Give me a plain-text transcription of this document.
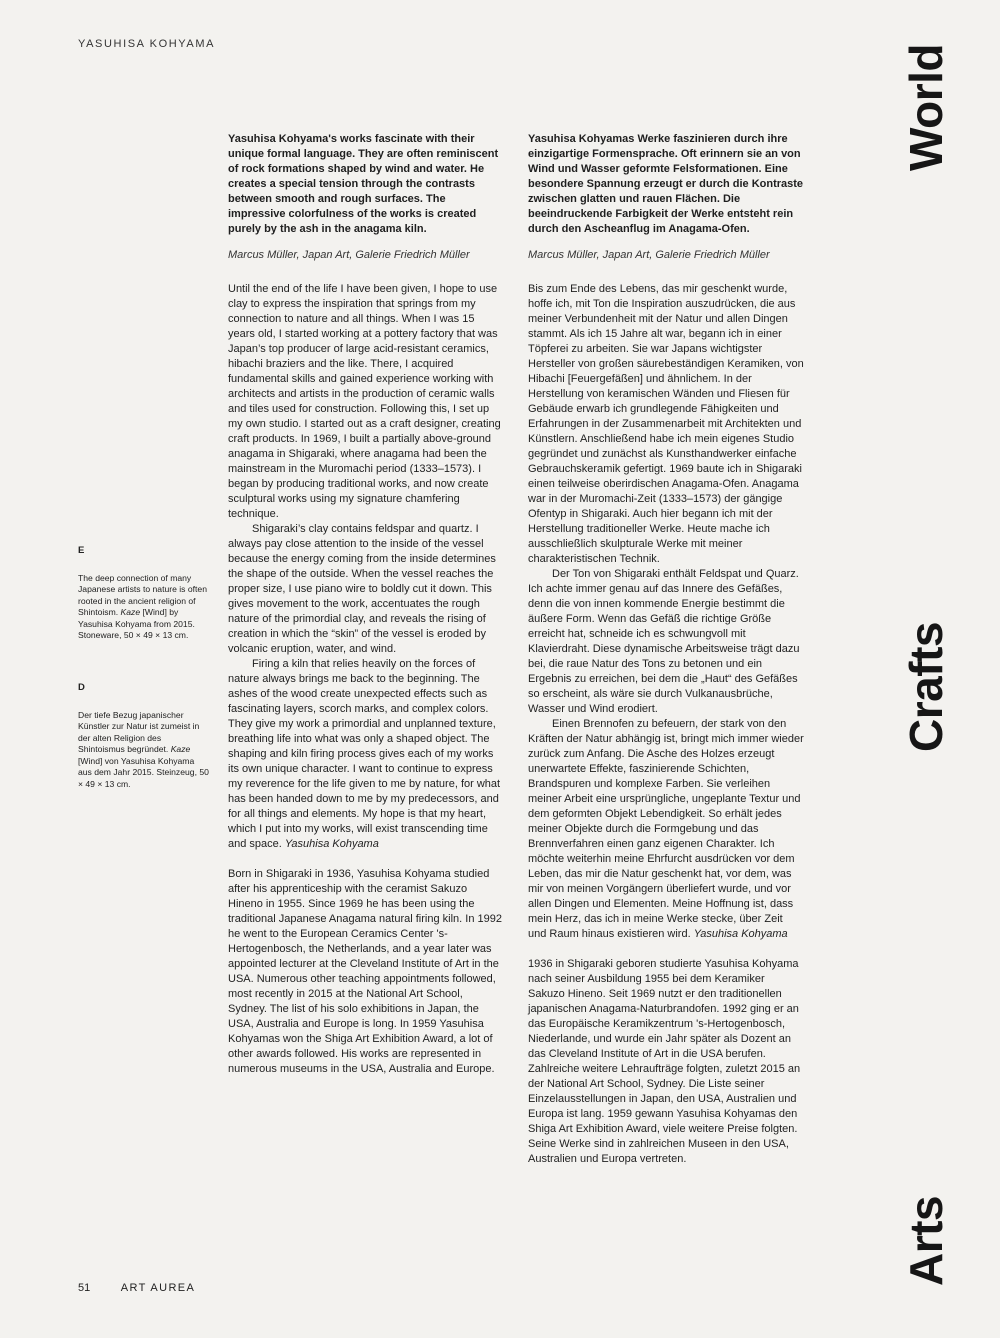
YASUHISA KOHYAMA
E
The deep connection of many Japanese artists to nature is often rooted in the ancient religion of Shintoism. Kaze [Wind] by Yasuhisa Kohyama from 2015. Stoneware, 50 × 49 × 13 cm.
D
Der tiefe Bezug japanischer Künstler zur Natur ist zumeist in der alten Religion des Shintoismus begründet. Kaze [Wind] von Yasuhisa Kohyama aus dem Jahr 2015. Steinzeug, 50 × 49 × 13 cm.

Yasuhisa Kohyama's works fascinate with their unique formal language. They are often reminiscent of rock formations shaped by wind and water. He creates a special tension through the contrasts between smooth and rough surfaces. The impressive colorfulness of the works is created purely by the ash in the anagama kiln.

Marcus Müller, Japan Art, Galerie Friedrich Müller

Until the end of the life I have been given, I hope to use clay to express the inspiration that springs from my connection to nature and all things. When I was 15 years old, I started working at a pottery factory that was Japan’s top producer of large acid-resistant ceramics, hibachi braziers and the like. There, I acquired fundamental skills and gained experience working with architects and artists in the production of ceramic walls and tiles used for construction. Following this, I set up my own studio. I started out as a craft designer, creating craft products. In 1969, I built a partially above-ground anagama in Shigaraki, where anagama had been the mainstream in the Muromachi period (1333–1573). I began by producing traditional works, and now create sculptural works using my signature chamfering technique.

Shigaraki’s clay contains feldspar and quartz. I always pay close attention to the inside of the vessel because the energy coming from the inside determines the shape of the outside. When the vessel reaches the proper size, I use piano wire to boldly cut it down. This gives movement to the work, accentuates the rough nature of the primordial clay, and reveals the rising of creation in which the “skin” of the vessel is eroded by volcanic eruption, water, and wind.

Firing a kiln that relies heavily on the forces of nature always brings me back to the beginning. The ashes of the wood create unexpected effects such as fascinating layers, scorch marks, and complex colors. They give my work a primordial and unplanned texture, breathing life into what was only a shaped object. The shaping and kiln firing process gives each of my works its own unique character. I want to continue to express my reverence for the life given to me by nature, for what has been handed down to me by my predecessors, and for all things and elements. My hope is that my heart, which I put into my works, will exist transcending time and space. Yasuhisa Kohyama

Born in Shigaraki in 1936, Yasuhisa Kohyama studied after his apprenticeship with the ceramist Sakuzo Hineno in 1955. Since 1969 he has been using the traditional Japanese Anagama natural firing kiln. In 1992 he went to the European Ceramics Center 's-Hertogenbosch, the Netherlands, and a year later was appointed lecturer at the Cleveland Institute of Art in the USA. Numerous other teaching appointments followed, most recently in 2015 at the National Art School, Sydney. The list of his solo exhibitions in Japan, the USA, Australia and Europe is long. In 1959 Yasuhisa Kohyamas won the Shiga Art Exhibition Award, a lot of other awards followed. His works are represented in numerous museums in the USA, Australia and Europe.

Yasuhisa Kohyamas Werke faszinieren durch ihre einzigartige Formensprache. Oft erinnern sie an von Wind und Wasser geformte Felsformationen. Eine besondere Spannung erzeugt er durch die Kontraste zwischen glatten und rauen Flächen. Die beeindruckende Farbigkeit der Werke entsteht rein durch den Ascheanflug im Anagama-Ofen.

Marcus Müller, Japan Art, Galerie Friedrich Müller

Bis zum Ende des Lebens, das mir geschenkt wurde, hoffe ich, mit Ton die Inspiration auszudrücken, die aus meiner Verbundenheit mit der Natur und allen Dingen stammt. Als ich 15 Jahre alt war, begann ich in einer Töpferei zu arbeiten. Sie war Japans wichtigster Hersteller von großen säurebeständigen Keramiken, von Hibachi [Feuergefäßen] und ähnlichem. In der Herstellung von keramischen Wänden und Fliesen für Gebäude erwarb ich grundlegende Fähigkeiten und Erfahrungen in der Zusammenarbeit mit Architekten und Künstlern. Anschließend habe ich mein eigenes Studio gegründet und zunächst als Kunsthandwerker einfache Gebrauchskeramik gefertigt. 1969 baute ich in Shigaraki einen teilweise oberirdischen Anagama-Ofen. Anagama war in der Muromachi-Zeit (1333–1573) der gängige Ofentyp in Shigaraki. Auch hier begann ich mit der Herstellung traditioneller Werke. Heute mache ich ausschließlich skulpturale Werke mit meiner charakteristischen Technik.

Der Ton von Shigaraki enthält Feldspat und Quarz. Ich achte immer genau auf das Innere des Gefäßes, denn die von innen kommende Energie bestimmt die äußere Form. Wenn das Gefäß die richtige Größe erreicht hat, schneide ich es schwungvoll mit Klavierdraht. Diese dynamische Arbeitsweise trägt dazu bei, die raue Natur des Tons zu betonen und ein Ergebnis zu erreichen, bei dem die „Haut“ des Gefäßes so erscheint, als wäre sie durch Vulkanausbrüche, Wasser und Wind erodiert.

Einen Brennofen zu befeuern, der stark von den Kräften der Natur abhängig ist, bringt mich immer wieder zurück zum Anfang. Die Asche des Holzes erzeugt unerwartete Effekte, faszinierende Schichten, Brandspuren und komplexe Farben. Sie verleihen meiner Arbeit eine ursprüngliche, ungeplante Textur und dem geformten Objekt Lebendigkeit. So erhält jedes meiner Objekte durch die Formgebung und das Brennverfahren einen ganz eigenen Charakter. Ich möchte weiterhin meine Ehrfurcht ausdrücken vor dem Leben, das mir die Natur geschenkt hat, vor dem, was mir von meinen Vorgängern überliefert wurde, und vor allen Dingen und Elementen. Meine Hoffnung ist, dass mein Herz, das ich in meine Werke stecke, über Zeit und Raum hinaus existieren wird. Yasuhisa Kohyama

1936 in Shigaraki geboren studierte Yasuhisa Kohyama nach seiner Ausbildung 1955 bei dem Keramiker Sakuzo Hineno. Seit 1969 nutzt er den traditionellen japanischen Anagama-Naturbrandofen. 1992 ging er an das Europäische Keramikzentrum 's-Hertogenbosch, Niederlande, und wurde ein Jahr später als Dozent an das Cleveland Institute of Art in die USA berufen. Zahlreiche weitere Lehraufträge folgten, zuletzt 2015 an der National Art School, Sydney. Die Liste seiner Einzelausstellungen in Japan, den USA, Australien und Europa ist lang. 1959 gewann Yasuhisa Kohyamas den Shiga Art Exhibition Award, viele weitere Preise folgten. Seine Werke sind in zahlreichen Museen in den USA, Australien und Europa vertreten.

World
Crafts
Arts
51	ART AUREA
